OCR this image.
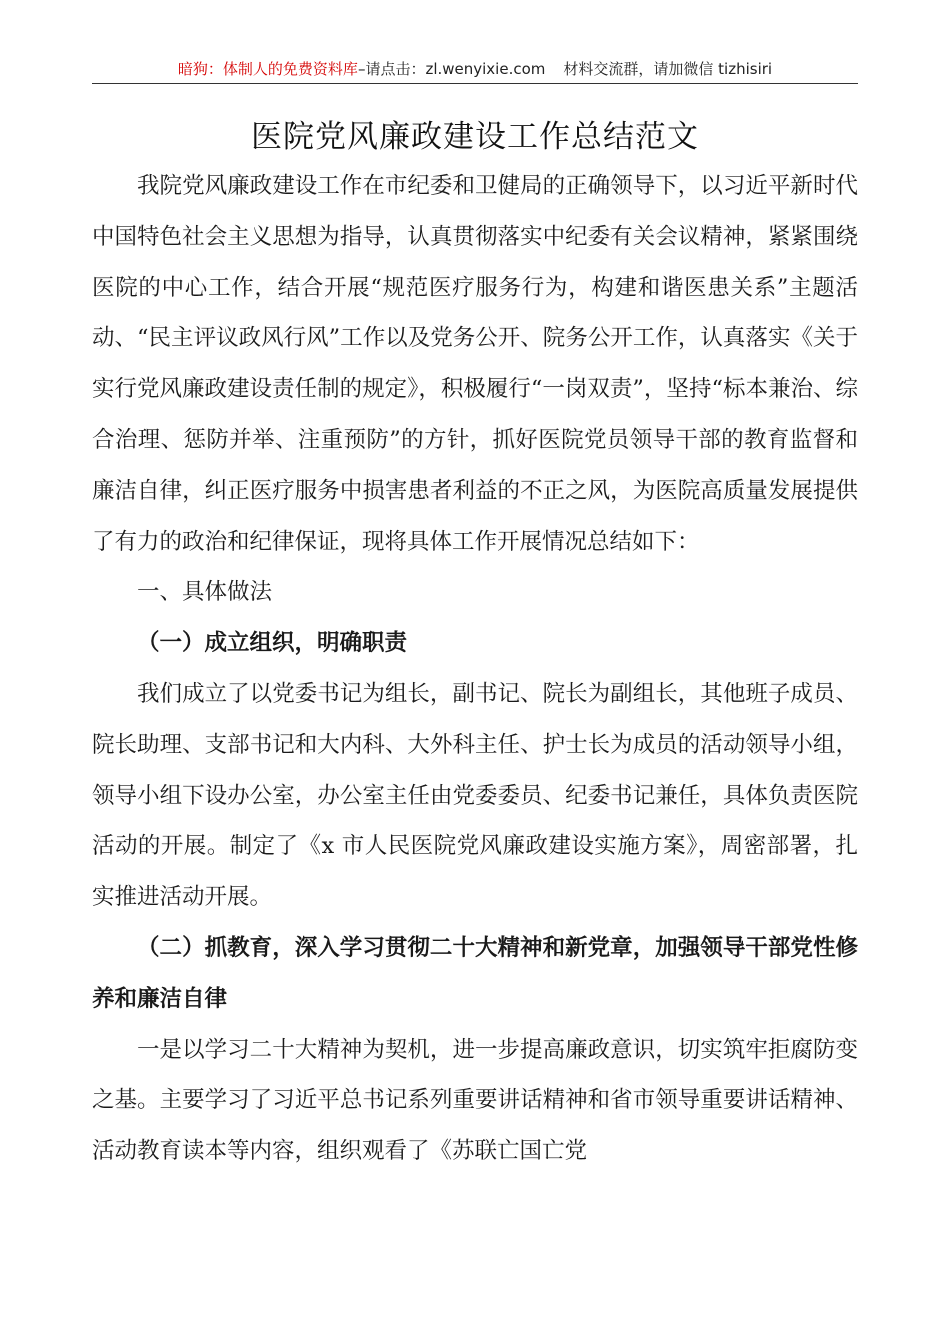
暗狗：体制人的免费资料库–请点击：zl.wenyixie.com 材料交流群，请加微信 tizhisiri
医院党风廉政建设工作总结范文

我院党风廉政建设工作在市纪委和卫健局的正确领导下，以习近平新时代中国特色社会主义思想为指导，认真贯彻落实中纪委有关会议精神，紧紧围绕医院的中心工作，结合开展“规范医疗服务行为，构建和谐医患关系”主题活动、“民主评议政风行风”工作以及党务公开、院务公开工作，认真落实《关于实行党风廉政建设责任制的规定》，积极履行“一岗双责”，坚持“标本兼治、综合治理、惩防并举、注重预防”的方针，抓好医院党员领导干部的教育监督和廉洁自律，纠正医疗服务中损害患者利益的不正之风，为医院高质量发展提供了有力的政治和纪律保证，现将具体工作开展情况总结如下：

一、具体做法

（一）成立组织，明确职责

我们成立了以党委书记为组长，副书记、院长为副组长，其他班子成员、院长助理、支部书记和大内科、大外科主任、护士长为成员的活动领导小组，领导小组下设办公室，办公室主任由党委委员、纪委书记兼任，具体负责医院活动的开展。制定了《x 市人民医院党风廉政建设实施方案》，周密部署，扎实推进活动开展。

（二）抓教育，深入学习贯彻二十大精神和新党章，加强领导干部党性修养和廉洁自律

一是以学习二十大精神为契机，进一步提高廉政意识，切实筑牢拒腐防变之基。主要学习了习近平总书记系列重要讲话精神和省市领导重要讲话精神、活动教育读本等内容，组织观看了《苏联亡国亡党
